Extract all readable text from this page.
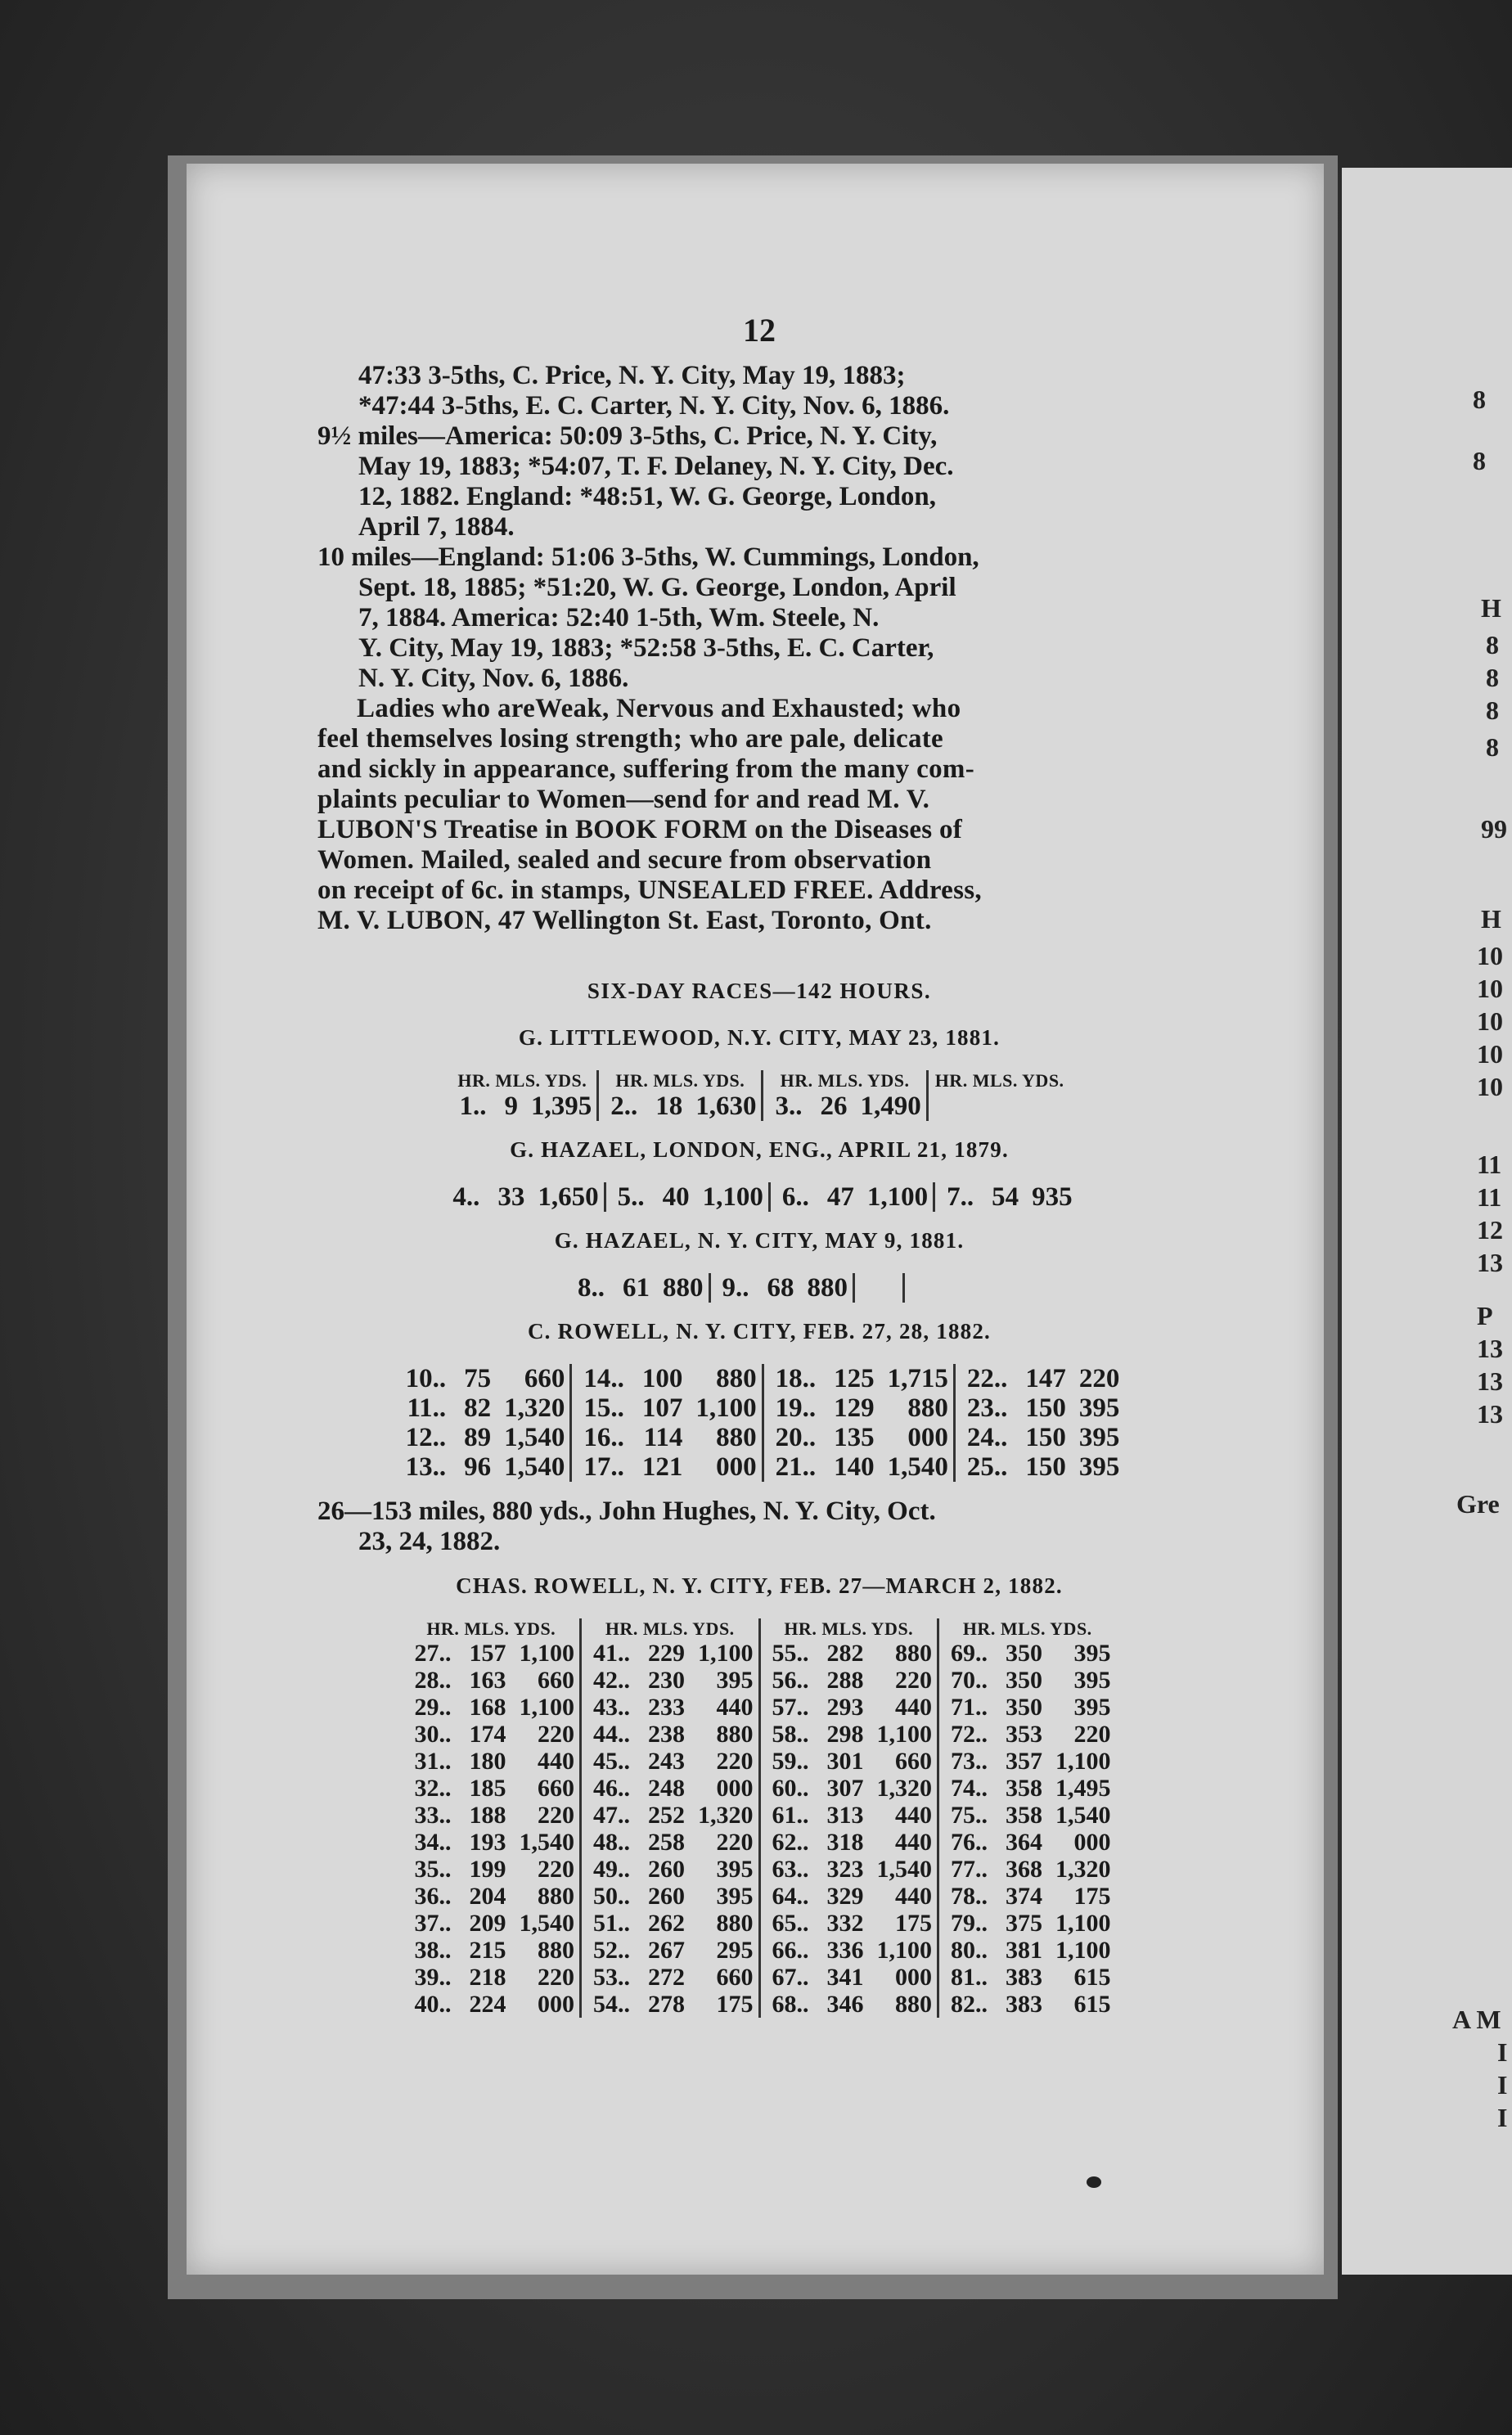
12

47:33 3-5ths, C. Price, N. Y. City, May 19, 1883;
*47:44 3-5ths, E. C. Carter, N. Y. City, Nov. 6, 1886.

9½ miles—America: 50:09 3-5ths, C. Price, N. Y. City,
May 19, 1883; *54:07, T. F. Delaney, N. Y. City, Dec.
12, 1882. England: *48:51, W. G. George, London,
April 7, 1884.

10 miles—England: 51:06 3-5ths, W. Cummings, London,
Sept. 18, 1885; *51:20, W. G. George, London, April
7, 1884. America: 52:40 1-5th, Wm. Steele, N.
Y. City, May 19, 1883; *52:58 3-5ths, E. C. Carter,
N. Y. City, Nov. 6, 1886.

Ladies who areWeak, Nervous and Exhausted; who
feel themselves losing strength; who are pale, delicate
and sickly in appearance, suffering from the many com-
plaints peculiar to Women—send for and read M. V.
LUBON'S Treatise in BOOK FORM on the Diseases of
Women. Mailed, sealed and secure from observation
on receipt of 6c. in stamps, UNSEALED FREE. Address,
M. V. LUBON, 47 Wellington St. East, Toronto, Ont.

SIX-DAY RACES—142 HOURS.
G. LITTLEWOOD, N.Y. CITY, MAY 23, 1881.
HR. MLS. YDS.			HR. MLS. YDS.			HR. MLS. YDS.			HR. MLS. YDS.		
1..	9	1,395	2..	18	1,630	3..	26	1,490			
G. HAZAEL, LONDON, ENG., APRIL 21, 1879.
4..	33	1,650	5..	40	1,100	6..	47	1,100	7..	54	935
G. HAZAEL, N. Y. CITY, MAY 9, 1881.
8..	61	880	9..	68	880						
C. ROWELL, N. Y. CITY, FEB. 27, 28, 1882.
10..	75	660	14..	100	880	18..	125	1,715	22..	147	220
11..	82	1,320	15..	107	1,100	19..	129	880	23..	150	395
12..	89	1,540	16..	114	880	20..	135	000	24..	150	395
13..	96	1,540	17..	121	000	21..	140	1,540	25..	150	395
26—153 miles, 880 yds., John Hughes, N. Y. City, Oct.
23, 24, 1882.
CHAS. ROWELL, N. Y. CITY, FEB. 27—MARCH 2, 1882.
HR. MLS. YDS.			HR. MLS. YDS.			HR. MLS. YDS.			HR. MLS. YDS.		
27..	157	1,100	41..	229	1,100	55..	282	880	69..	350	395
28..	163	660	42..	230	395	56..	288	220	70..	350	395
29..	168	1,100	43..	233	440	57..	293	440	71..	350	395
30..	174	220	44..	238	880	58..	298	1,100	72..	353	220
31..	180	440	45..	243	220	59..	301	660	73..	357	1,100
32..	185	660	46..	248	000	60..	307	1,320	74..	358	1,495
33..	188	220	47..	252	1,320	61..	313	440	75..	358	1,540
34..	193	1,540	48..	258	220	62..	318	440	76..	364	000
35..	199	220	49..	260	395	63..	323	1,540	77..	368	1,320
36..	204	880	50..	260	395	64..	329	440	78..	374	175
37..	209	1,540	51..	262	880	65..	332	175	79..	375	1,100
38..	215	880	52..	267	295	66..	336	1,100	80..	381	1,100
39..	218	220	53..	272	660	67..	341	000	81..	383	615
40..	224	000	54..	278	175	68..	346	880	82..	383	615
8
8
H
8
8
8
8
99
H
10
10
10
10
10
11
11
12
13
P
13
13
13
Gre
A M
I
I
I
